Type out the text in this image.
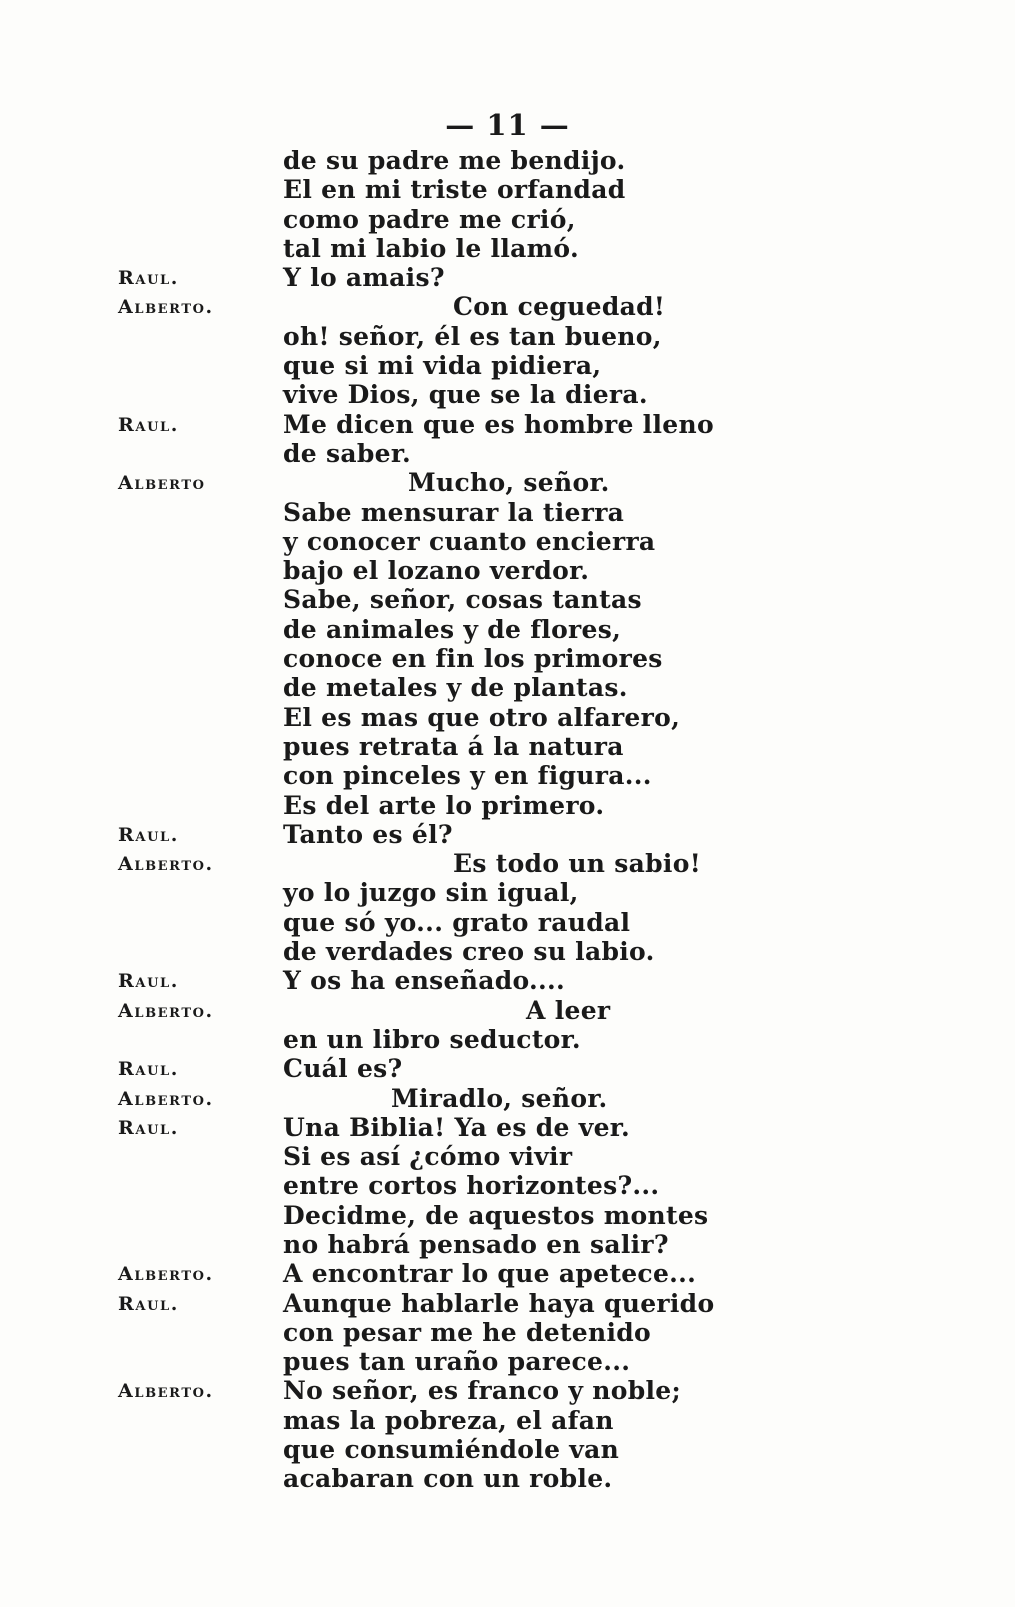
— 11 —
de su padre me bendijo.
El en mi triste orfandad
como padre me crió,
tal mi labio le llamó.
Raul.	Y lo amais?
Alberto.	Con ceguedad!
oh! señor, él es tan bueno,
que si mi vida pidiera,
vive Dios, que se la diera.
Raul.	Me dicen que es hombre lleno
de saber.
Alberto	Mucho, señor.
Sabe mensurar la tierra
y conocer cuanto encierra
bajo el lozano verdor.
Sabe, señor, cosas tantas
de animales y de flores,
conoce en fin los primores
de metales y de plantas.
El es mas que otro alfarero,
pues retrata á la natura
con pinceles y en figura...
Es del arte lo primero.
Raul.	Tanto es él?
Alberto.	Es todo un sabio!
yo lo juzgo sin igual,
que só yo... grato raudal
de verdades creo su labio.
Raul.	Y os ha enseñado....
Alberto.	A leer
en un libro seductor.
Raul.	Cuál es?
Alberto.	Miradlo, señor.
Raul.	Una Biblia! Ya es de ver.
Si es así ¿cómo vivir
entre cortos horizontes?...
Decidme, de aquestos montes
no habrá pensado en salir?
Alberto.	A encontrar lo que apetece...
Raul.	Aunque hablarle haya querido
con pesar me he detenido
pues tan uraño parece...
Alberto.	No señor, es franco y noble;
mas la pobreza, el afan
que consumiéndole van
acabaran con un roble.
